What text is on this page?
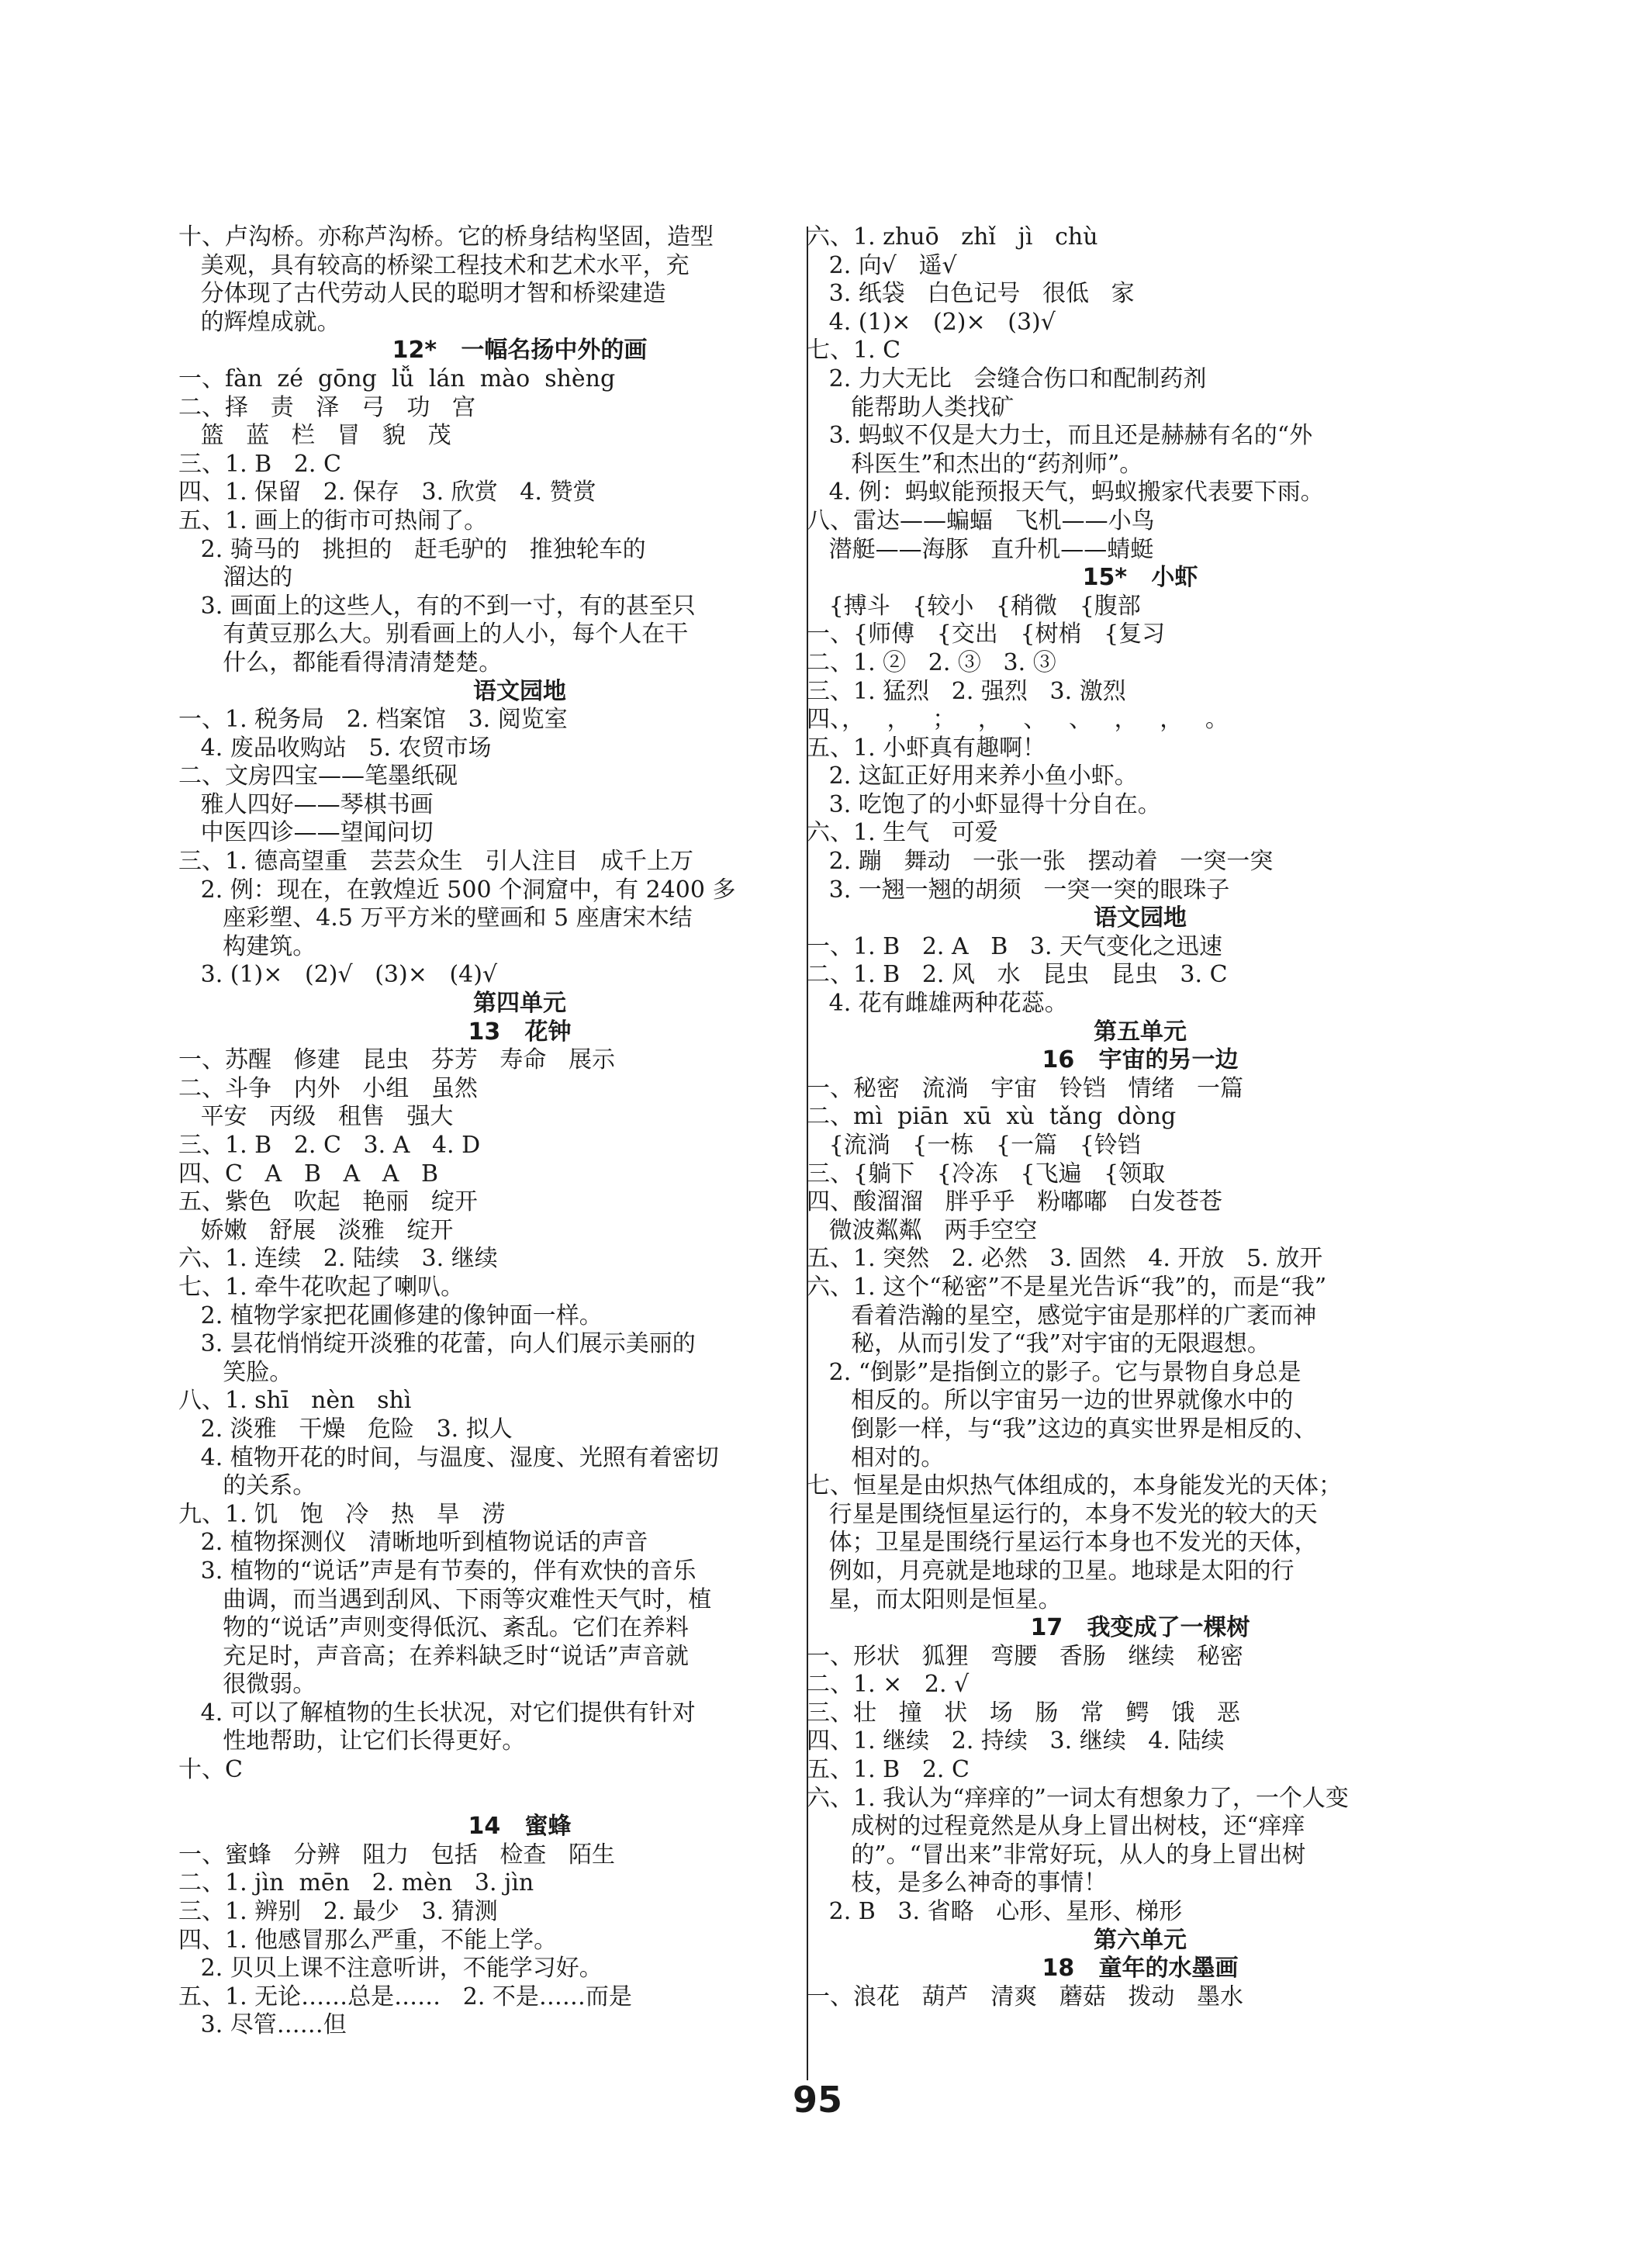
十、卢沟桥。亦称芦沟桥。它的桥身结构坚固，造型
美观，具有较高的桥梁工程技术和艺术水平，充
分体现了古代劳动人民的聪明才智和桥梁建造
的辉煌成就。
12*   一幅名扬中外的画
一、fàn  zé  gōng  lǚ  lán  mào  shèng
二、择   责   泽   弓   功   宫
篮   蓝   栏   冒   貌   茂
三、1. B   2. C
四、1. 保留   2. 保存   3. 欣赏   4. 赞赏
五、1. 画上的街市可热闹了。
2. 骑马的   挑担的   赶毛驴的   推独轮车的
溜达的
3. 画面上的这些人，有的不到一寸，有的甚至只
有黄豆那么大。别看画上的人小，每个人在干
什么，都能看得清清楚楚。
语文园地
一、1. 税务局   2. 档案馆   3. 阅览室
4. 废品收购站   5. 农贸市场
二、文房四宝——笔墨纸砚
雅人四好——琴棋书画
中医四诊——望闻问切
三、1. 德高望重   芸芸众生   引人注目   成千上万
2. 例：现在，在敦煌近 500 个洞窟中，有 2400 多
座彩塑、4.5 万平方米的壁画和 5 座唐宋木结
构建筑。
3. (1)×   (2)√   (3)×   (4)√
第四单元
13   花钟
一、苏醒   修建   昆虫   芬芳   寿命   展示
二、斗争   内外   小组   虽然
平安   丙级   租售   强大
三、1. B   2. C   3. A   4. D
四、C   A   B   A   A   B
五、紫色   吹起   艳丽   绽开
娇嫩   舒展   淡雅   绽开
六、1. 连续   2. 陆续   3. 继续
七、1. 牵牛花吹起了喇叭。
2. 植物学家把花圃修建的像钟面一样。
3. 昙花悄悄绽开淡雅的花蕾，向人们展示美丽的
笑脸。
八、1. shī   nèn   shì
2. 淡雅   干燥   危险   3. 拟人
4. 植物开花的时间，与温度、湿度、光照有着密切
的关系。
九、1. 饥   饱   冷   热   旱   涝
2. 植物探测仪   清晰地听到植物说话的声音
3. 植物的“说话”声是有节奏的，伴有欢快的音乐
曲调，而当遇到刮风、下雨等灾难性天气时，植
物的“说话”声则变得低沉、紊乱。它们在养料
充足时，声音高；在养料缺乏时“说话”声音就
很微弱。
4. 可以了解植物的生长状况，对它们提供有针对
性地帮助，让它们长得更好。
十、C

14   蜜蜂
一、蜜蜂   分辨   阻力   包括   检查   陌生
二、1. jìn  mēn   2. mèn   3. jìn
三、1. 辨别   2. 最少   3. 猜测
四、1. 他感冒那么严重，不能上学。
2. 贝贝上课不注意听讲，不能学习好。
五、1. 无论……总是……   2. 不是……而是
3. 尽管……但
六、1. zhuō   zhǐ   jì   chù
2. 向√   遥√
3. 纸袋   白色记号   很低   家
4. (1)×   (2)×   (3)√
七、1. C
2. 力大无比   会缝合伤口和配制药剂
能帮助人类找矿
3. 蚂蚁不仅是大力士，而且还是赫赫有名的“外
科医生”和杰出的“药剂师”。
4. 例：蚂蚁能预报天气，蚂蚁搬家代表要下雨。
八、雷达——蝙蝠   飞机——小鸟
潜艇——海豚   直升机——蜻蜓
15*   小虾
{搏斗   {较小   {稍微   {腹部
一、{师傅   {交出   {树梢   {复习
二、1. ②   2. ③   3. ③
三、1. 猛烈   2. 强烈   3. 激烈
四、，   ，   ；   ，   、   、   ，   ，   。
五、1. 小虾真有趣啊！
2. 这缸正好用来养小鱼小虾。
3. 吃饱了的小虾显得十分自在。
六、1. 生气   可爱
2. 蹦   舞动   一张一张   摆动着   一突一突
3. 一翘一翘的胡须   一突一突的眼珠子
语文园地
一、1. B   2. A   B   3. 天气变化之迅速
二、1. B   2. 风   水   昆虫   昆虫   3. C
4. 花有雌雄两种花蕊。
第五单元
16   宇宙的另一边
一、秘密   流淌   宇宙   铃铛   情绪   一篇
二、mì  piān  xū  xù  tǎng  dòng
{流淌   {一栋   {一篇   {铃铛
三、{躺下   {冷冻   {飞遍   {领取
四、酸溜溜   胖乎乎   粉嘟嘟   白发苍苍
微波粼粼   两手空空
五、1. 突然   2. 必然   3. 固然   4. 开放   5. 放开
六、1. 这个“秘密”不是星光告诉“我”的，而是“我”
看着浩瀚的星空，感觉宇宙是那样的广袤而神
秘，从而引发了“我”对宇宙的无限遐想。
2. “倒影”是指倒立的影子。它与景物自身总是
相反的。所以宇宙另一边的世界就像水中的
倒影一样，与“我”这边的真实世界是相反的、
相对的。
七、恒星是由炽热气体组成的，本身能发光的天体；
行星是围绕恒星运行的，本身不发光的较大的天
体；卫星是围绕行星运行本身也不发光的天体，
例如，月亮就是地球的卫星。地球是太阳的行
星，而太阳则是恒星。
17   我变成了一棵树
一、形状   狐狸   弯腰   香肠   继续   秘密
二、1. ×   2. √
三、壮   撞   状   场   肠   常   鳄   饿   恶
四、1. 继续   2. 持续   3. 继续   4. 陆续
五、1. B   2. C
六、1. 我认为“痒痒的”一词太有想象力了，一个人变
成树的过程竟然是从身上冒出树枝，还“痒痒
的”。“冒出来”非常好玩，从人的身上冒出树
枝，是多么神奇的事情！
2. B   3. 省略   心形、星形、梯形
第六单元
18   童年的水墨画
一、浪花   葫芦   清爽   蘑菇   拨动   墨水
95
